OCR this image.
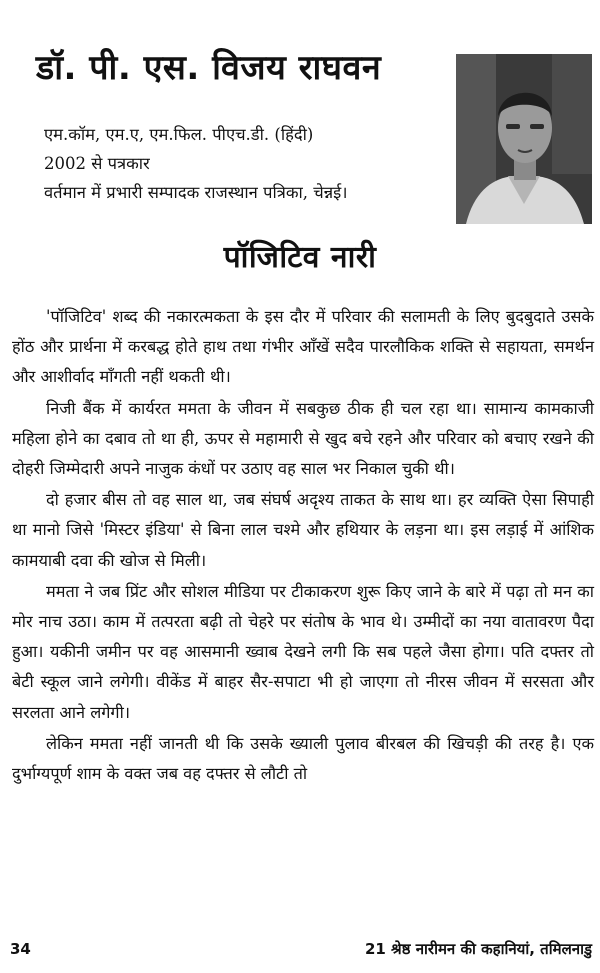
डॉ. पी. एस. विजय राघवन
एम.कॉम, एम.ए, एम.फिल. पीएच.डी. (हिंदी)
2002 से पत्रकार
वर्तमान में प्रभारी सम्पादक राजस्थान पत्रिका, चेन्नई।
पॉजिटिव नारी

'पॉजिटिव' शब्द की नकारत्मकता के इस दौर में परिवार की सलामती के लिए बुदबुदाते उसके होंठ और प्रार्थना में करबद्ध होते हाथ तथा गंभीर आँखें सदैव पारलौकिक शक्ति से सहायता, समर्थन और आशीर्वाद माँगती नहीं थकती थी।

निजी बैंक में कार्यरत ममता के जीवन में सबकुछ ठीक ही चल रहा था। सामान्य कामकाजी महिला होने का दबाव तो था ही, ऊपर से महामारी से खुद बचे रहने और परिवार को बचाए रखने की दोहरी जिम्मेदारी अपने नाजुक कंधों पर उठाए वह साल भर निकाल चुकी थी।

दो हजार बीस तो वह साल था, जब संघर्ष अदृश्य ताकत के साथ था। हर व्यक्ति ऐसा सिपाही था मानो जिसे 'मिस्टर इंडिया' से बिना लाल चश्मे और हथियार के लड़ना था। इस लड़ाई में आंशिक कामयाबी दवा की खोज से मिली।

ममता ने जब प्रिंट और सोशल मीडिया पर टीकाकरण शुरू किए जाने के बारे में पढ़ा तो मन का मोर नाच उठा। काम में तत्परता बढ़ी तो चेहरे पर संतोष के भाव थे। उम्मीदों का नया वातावरण पैदा हुआ। यकीनी जमीन पर वह आसमानी ख्वाब देखने लगी कि सब पहले जैसा होगा। पति दफ्तर तो बेटी स्कूल जाने लगेगी। वीकेंड में बाहर सैर-सपाटा भी हो जाएगा तो नीरस जीवन में सरसता और सरलता आने लगेगी।

लेकिन ममता नहीं जानती थी कि उसके ख्याली पुलाव बीरबल की खिचड़ी की तरह है। एक दुर्भाग्यपूर्ण शाम के वक्त जब वह दफ्तर से लौटी तो

34	21 श्रेष्ठ नारीमन की कहानियां, तमिलनाडु
